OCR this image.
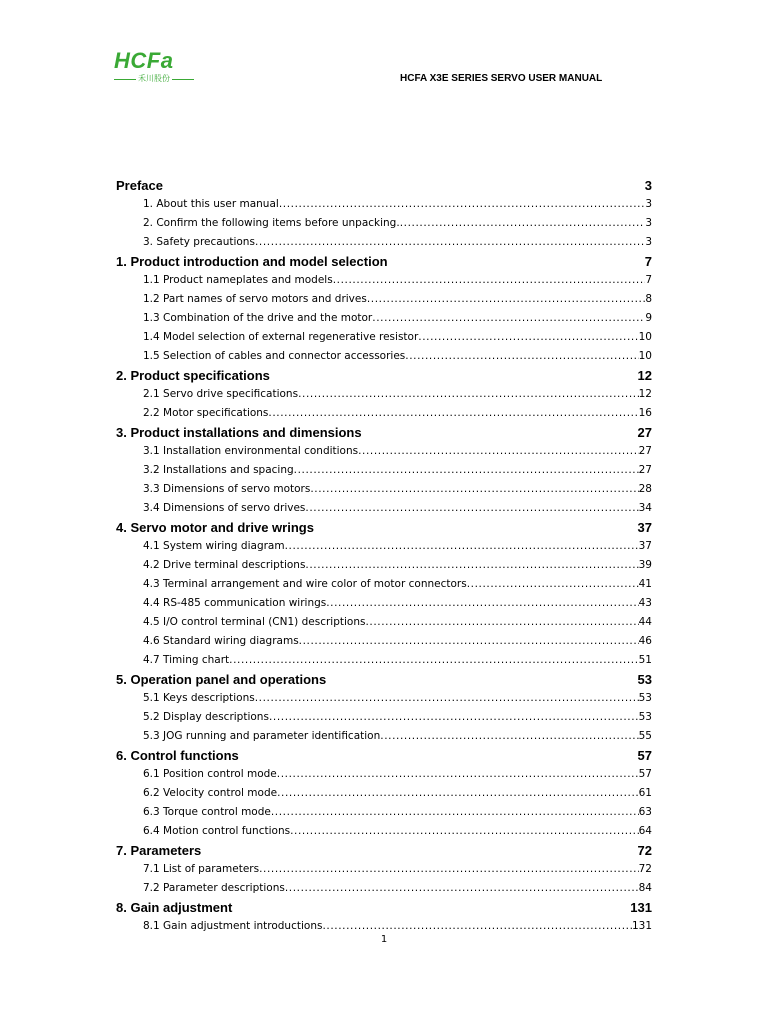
HCFa
禾川股份	HCFA X3E SERIES SERVO USER MANUAL
Preface	3
1. About this user manual .....	3
2. Confirm the following items before unpacking. .....	3
3. Safety precautions .....	3
1. Product introduction and model selection	7
1.1 Product nameplates and models .....	7
1.2 Part names of servo motors and drives .....	8
1.3 Combination of the drive and the motor .....	9
1.4 Model selection of external regenerative resistor .....	10
1.5 Selection of cables and connector accessories .....	10
2. Product specifications	12
2.1 Servo drive specifications .....	12
2.2 Motor specifications .....	16
3. Product installations and dimensions	27
3.1 Installation environmental conditions .....	27
3.2 Installations and spacing .....	27
3.3 Dimensions of servo motors .....	28
3.4 Dimensions of servo drives .....	34
4. Servo motor and drive wrings	37
4.1 System wiring diagram .....	37
4.2 Drive terminal descriptions .....	39
4.3 Terminal arrangement and wire color of motor connectors .....	41
4.4 RS-485 communication wirings .....	43
4.5 I/O control terminal (CN1) descriptions .....	44
4.6 Standard wiring diagrams .....	46
4.7 Timing chart .....	51
5. Operation panel and operations	53
5.1 Keys descriptions .....	53
5.2 Display descriptions .....	53
5.3 JOG running and parameter identification .....	55
6. Control functions	57
6.1 Position control mode .....	57
6.2 Velocity control mode .....	61
6.3 Torque control mode .....	63
6.4 Motion control functions .....	64
7. Parameters	72
7.1 List of parameters .....	72
7.2 Parameter descriptions .....	84
8. Gain adjustment	131
8.1 Gain adjustment introductions .....	131
1
